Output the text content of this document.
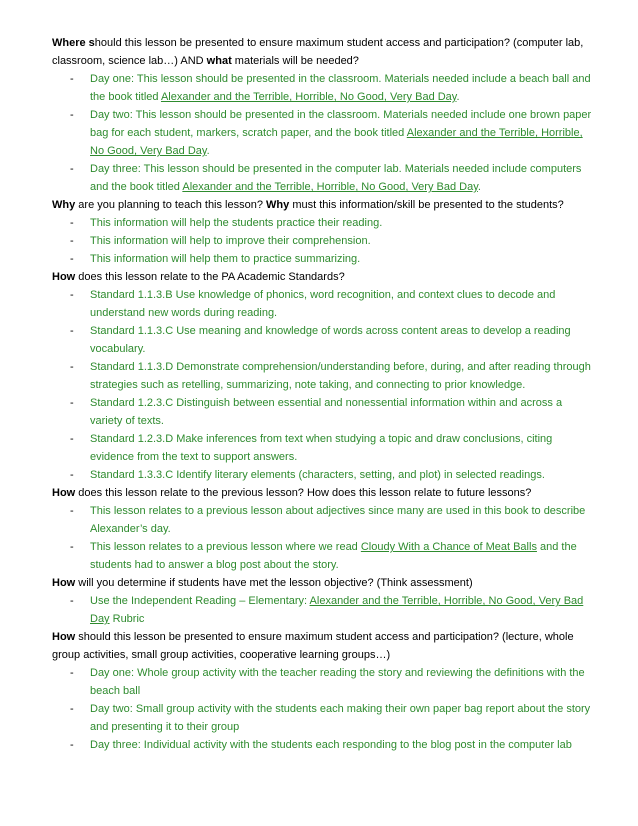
Where should this lesson be presented to ensure maximum student access and participation? (computer lab, classroom, science lab…) AND what materials will be needed?

- Day one: This lesson should be presented in the classroom. Materials needed include a beach ball and the book titled Alexander and the Terrible, Horrible, No Good, Very Bad Day.
- Day two: This lesson should be presented in the classroom. Materials needed include one brown paper bag for each student, markers, scratch paper, and the book titled Alexander and the Terrible, Horrible, No Good, Very Bad Day.
- Day three: This lesson should be presented in the computer lab. Materials needed include computers and the book titled Alexander and the Terrible, Horrible, No Good, Very Bad Day.

Why are you planning to teach this lesson? Why must this information/skill be presented to the students?

- This information will help the students practice their reading.
- This information will help to improve their comprehension.
- This information will help them to practice summarizing.

How does this lesson relate to the PA Academic Standards?

- Standard 1.1.3.B Use knowledge of phonics, word recognition, and context clues to decode and understand new words during reading.
- Standard 1.1.3.C Use meaning and knowledge of words across content areas to develop a reading vocabulary.
- Standard 1.1.3.D Demonstrate comprehension/understanding before, during, and after reading through strategies such as retelling, summarizing, note taking, and connecting to prior knowledge.
- Standard 1.2.3.C Distinguish between essential and nonessential information within and across a variety of texts.
- Standard 1.2.3.D Make inferences from text when studying a topic and draw conclusions, citing evidence from the text to support answers.
- Standard 1.3.3.C Identify literary elements (characters, setting, and plot) in selected readings.

How does this lesson relate to the previous lesson? How does this lesson relate to future lessons?

- This lesson relates to a previous lesson about adjectives since many are used in this book to describe Alexander’s day.
- This lesson relates to a previous lesson where we read Cloudy With a Chance of Meat Balls and the students had to answer a blog post about the story.

How will you determine if students have met the lesson objective? (Think assessment)

- Use the Independent Reading – Elementary: Alexander and the Terrible, Horrible, No Good, Very Bad Day Rubric

How should this lesson be presented to ensure maximum student access and participation? (lecture, whole group activities, small group activities, cooperative learning groups…)

- Day one: Whole group activity with the teacher reading the story and reviewing the definitions with the beach ball
- Day two: Small group activity with the students each making their own paper bag report about the story and presenting it to their group
- Day three: Individual activity with the students each responding to the blog post in the computer lab
